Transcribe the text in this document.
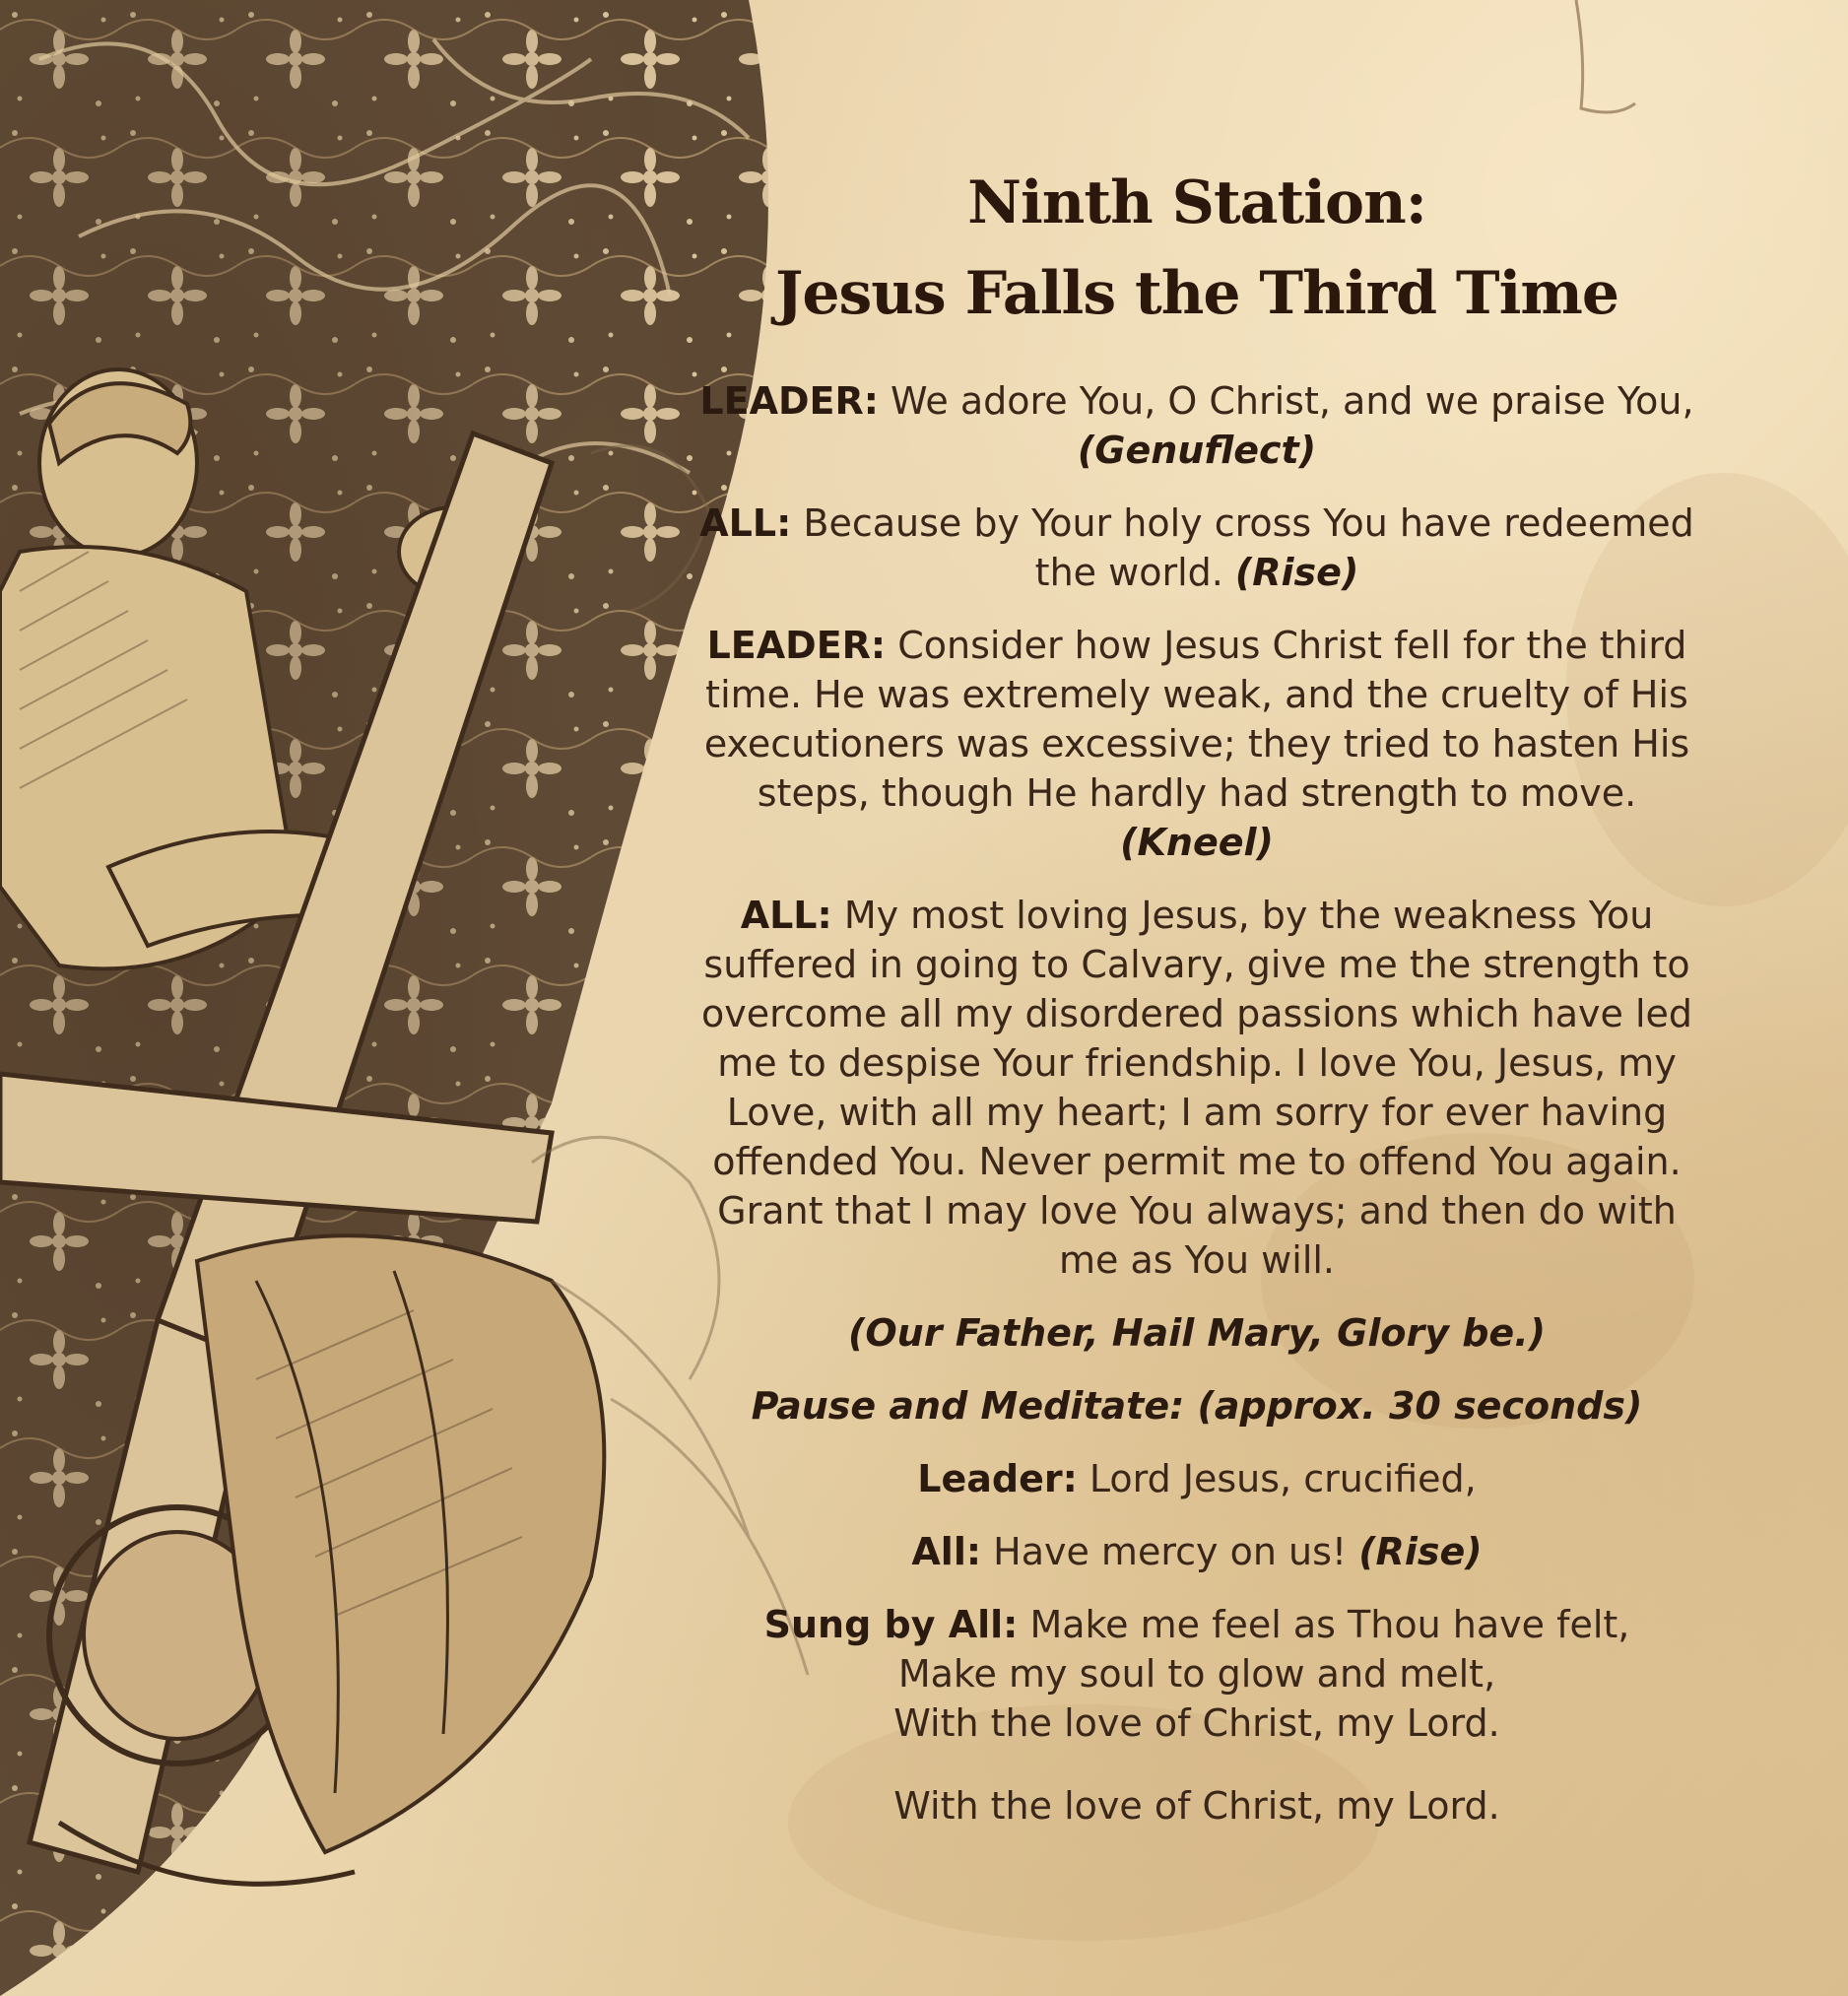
Ninth Station:
Jesus Falls the Third Time

LEADER: We adore You, O Christ, and we praise You,
(Genuflect)

ALL: Because by Your holy cross You have redeemed
the world. (Rise)

LEADER: Consider how Jesus Christ fell for the third
time. He was extremely weak, and the cruelty of His
executioners was excessive; they tried to hasten His
steps, though He hardly had strength to move.
(Kneel)

ALL: My most loving Jesus, by the weakness You
suffered in going to Calvary, give me the strength to
overcome all my disordered passions which have led
me to despise Your friendship. I love You, Jesus, my
Love, with all my heart; I am sorry for ever having
offended You. Never permit me to offend You again.
Grant that I may love You always; and then do with
me as You will.

(Our Father, Hail Mary, Glory be.)

Pause and Meditate: (approx. 30 seconds)

Leader: Lord Jesus, crucified,

All: Have mercy on us! (Rise)

Sung by All: Make me feel as Thou have felt,
Make my soul to glow and melt,
With the love of Christ, my Lord.
With the love of Christ, my Lord.
